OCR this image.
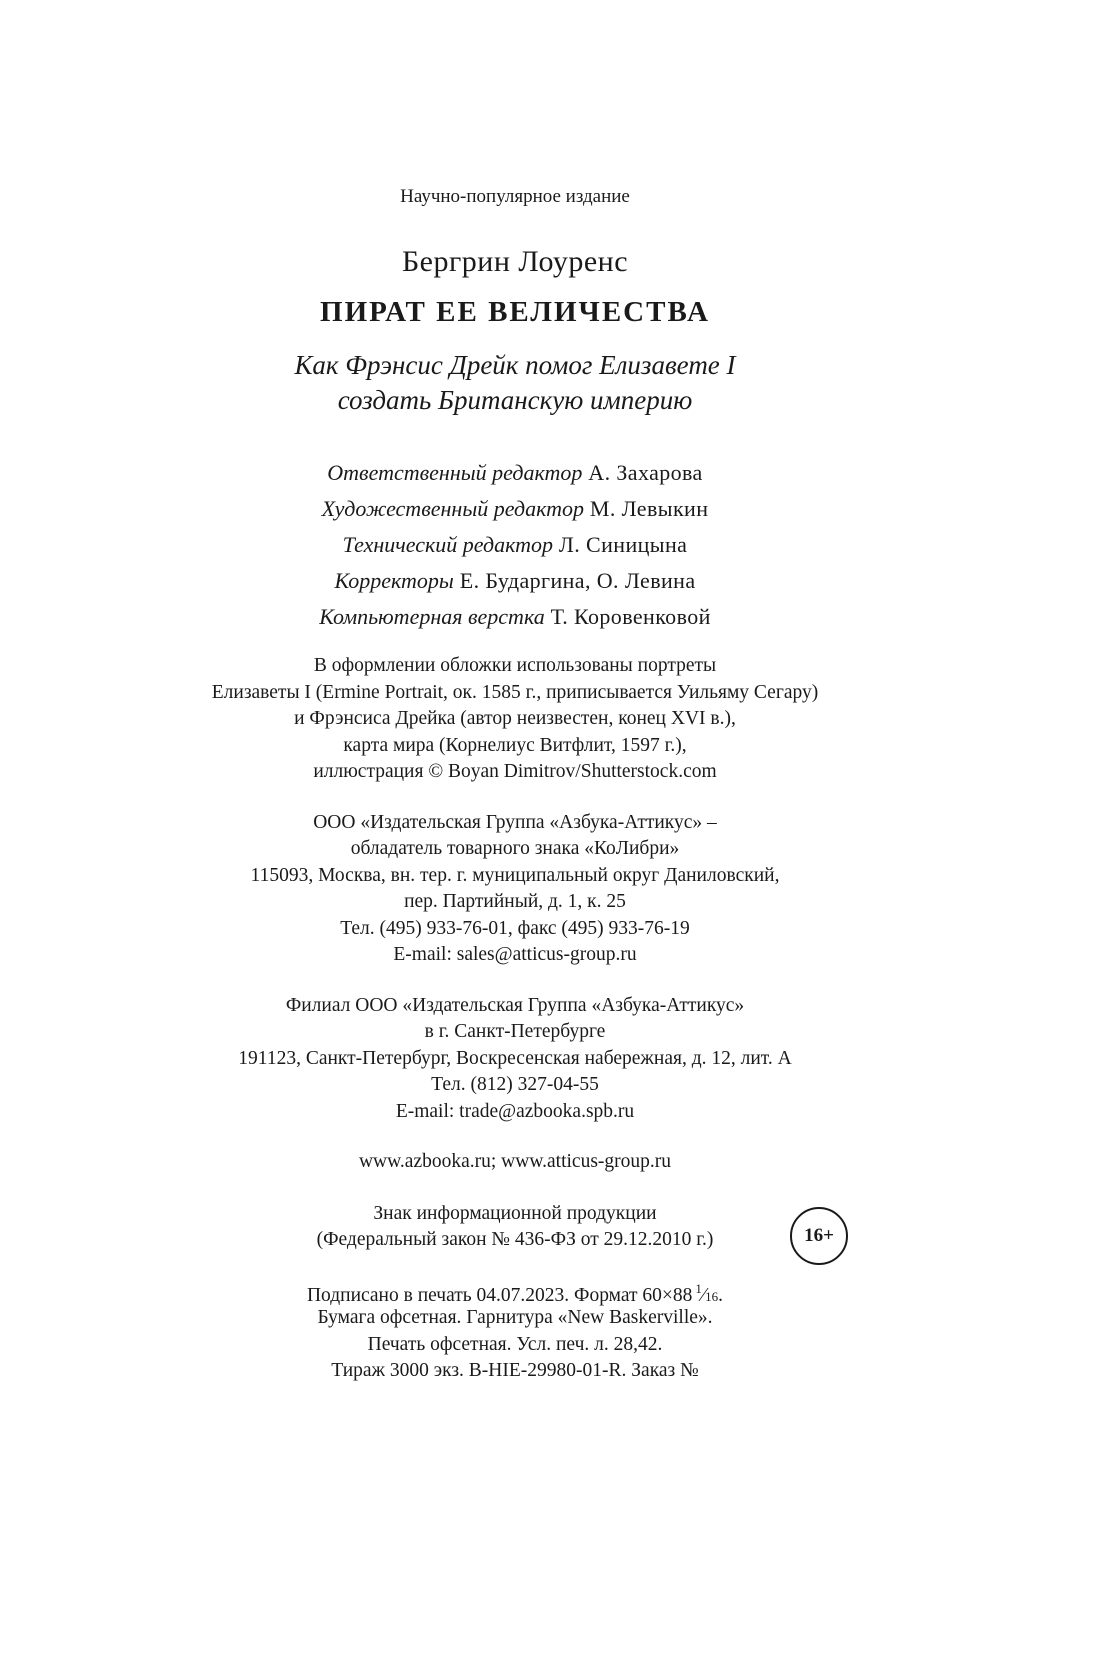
Научно-популярное издание
Бергрин Лоуренс
ПИРАТ ЕЕ ВЕЛИЧЕСТВА
Как Фрэнсис Дрейк помог Елизавете I
создать Британскую империю
Ответственный редактор А. Захарова
Художественный редактор М. Левыкин
Технический редактор Л. Синицына
Корректоры Е. Бударгина, О. Левина
Компьютерная верстка Т. Коровенковой
В оформлении обложки использованы портреты
Елизаветы I (Ermine Portrait, ок. 1585 г., приписывается Уильяму Сегару)
и Фрэнсиса Дрейка (автор неизвестен, конец XVI в.),
карта мира (Корнелиус Витфлит, 1597 г.),
иллюстрация © Boyan Dimitrov/Shutterstock.com
ООО «Издательская Группа «Азбука-Аттикус» –
обладатель товарного знака «КоЛибри»
115093, Москва, вн. тер. г. муниципальный округ Даниловский,
пер. Партийный, д. 1, к. 25
Тел. (495) 933-76-01, факс (495) 933-76-19
E-mail: sales@atticus-group.ru
Филиал ООО «Издательская Группа «Азбука-Аттикус»
в г. Санкт-Петербурге
191123, Санкт-Петербург, Воскресенская набережная, д. 12, лит. А
Тел. (812) 327-04-55
E-mail: trade@azbooka.spb.ru
www.azbooka.ru; www.atticus-group.ru
Знак информационной продукции
(Федеральный закон № 436-ФЗ от 29.12.2010 г.)	16+
Подписано в печать 04.07.2023. Формат 60×88 $^1$⁄16.
Бумага офсетная. Гарнитура «New Baskerville».
Печать офсетная. Усл. печ. л. 28,42.
Тираж 3000 экз. B-HIE-29980-01-R. Заказ №
